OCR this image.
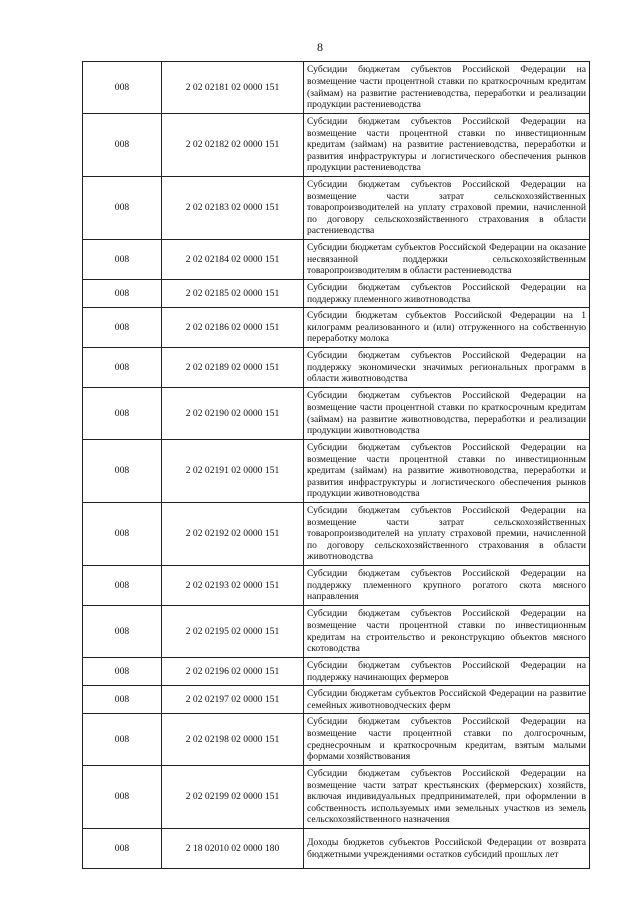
8
008	2 02 02181 02 0000 151	Субсидии бюджетам субъектов Российской Федерации на возмещение части процентной ставки по краткосрочным кредитам (займам) на развитие растениеводства, переработки и реализации продукции растениеводства
008	2 02 02182 02 0000 151	Субсидии бюджетам субъектов Российской Федерации на возмещение части процентной ставки по инвестиционным кредитам (займам) на развитие растениеводства, переработки и развития инфраструктуры и логистического обеспечения рынков продукции растениеводства
008	2 02 02183 02 0000 151	Субсидии бюджетам субъектов Российской Федерации на возмещение части затрат сельскохозяйственных товаропроизводителей на уплату страховой премии, начисленной по договору сельскохозяйственного страхования в области растениеводства
008	2 02 02184 02 0000 151	Субсидии бюджетам субъектов Российской Федерации на оказание несвязанной поддержки сельскохозяйственным товаропроизводителям в области растениеводства
008	2 02 02185 02 0000 151	Субсидии бюджетам субъектов Российской Федерации на поддержку племенного животноводства
008	2 02 02186 02 0000 151	Субсидии бюджетам субъектов Российской Федерации на 1 килограмм реализованного и (или) отгруженного на собственную переработку молока
008	2 02 02189 02 0000 151	Субсидии бюджетам субъектов Российской Федерации на поддержку экономически значимых региональных программ в области животноводства
008	2 02 02190 02 0000 151	Субсидии бюджетам субъектов Российской Федерации на возмещение части процентной ставки по краткосрочным кредитам (займам) на развитие животноводства, переработки и реализации продукции животноводства
008	2 02 02191 02 0000 151	Субсидии бюджетам субъектов Российской Федерации на возмещение части процентной ставки по инвестиционным кредитам (займам) на развитие животноводства, переработки и развития инфраструктуры и логистического обеспечения рынков продукции животноводства
008	2 02 02192 02 0000 151	Субсидии бюджетам субъектов Российской Федерации на возмещение части затрат сельскохозяйственных товаропроизводителей на уплату страховой премии, начисленной по договору сельскохозяйственного страхования в области животноводства
008	2 02 02193 02 0000 151	Субсидии бюджетам субъектов Российской Федерации на поддержку племенного крупного рогатого скота мясного направления
008	2 02 02195 02 0000 151	Субсидии бюджетам субъектов Российской Федерации на возмещение части процентной ставки по инвестиционным кредитам на строительство и реконструкцию объектов мясного скотоводства
008	2 02 02196 02 0000 151	Субсидии бюджетам субъектов Российской Федерации на поддержку начинающих фермеров
008	2 02 02197 02 0000 151	Субсидии бюджетам субъектов Российской Федерации на развитие семейных животноводческих ферм
008	2 02 02198 02 0000 151	Субсидии бюджетам субъектов Российской Федерации на возмещение части процентной ставки по долгосрочным, среднесрочным и краткосрочным кредитам, взятым малыми формами хозяйствования
008	2 02 02199 02 0000 151	Субсидии бюджетам субъектов Российской Федерации на возмещение части затрат крестьянских (фермерских) хозяйств, включая индивидуальных предпринимателей, при оформлении в собственность используемых ими земельных участков из земель сельскохозяйственного назначения
008	2 18 02010 02 0000 180	Доходы бюджетов субъектов Российской Федерации от возврата бюджетными учреждениями остатков субсидий прошлых лет
